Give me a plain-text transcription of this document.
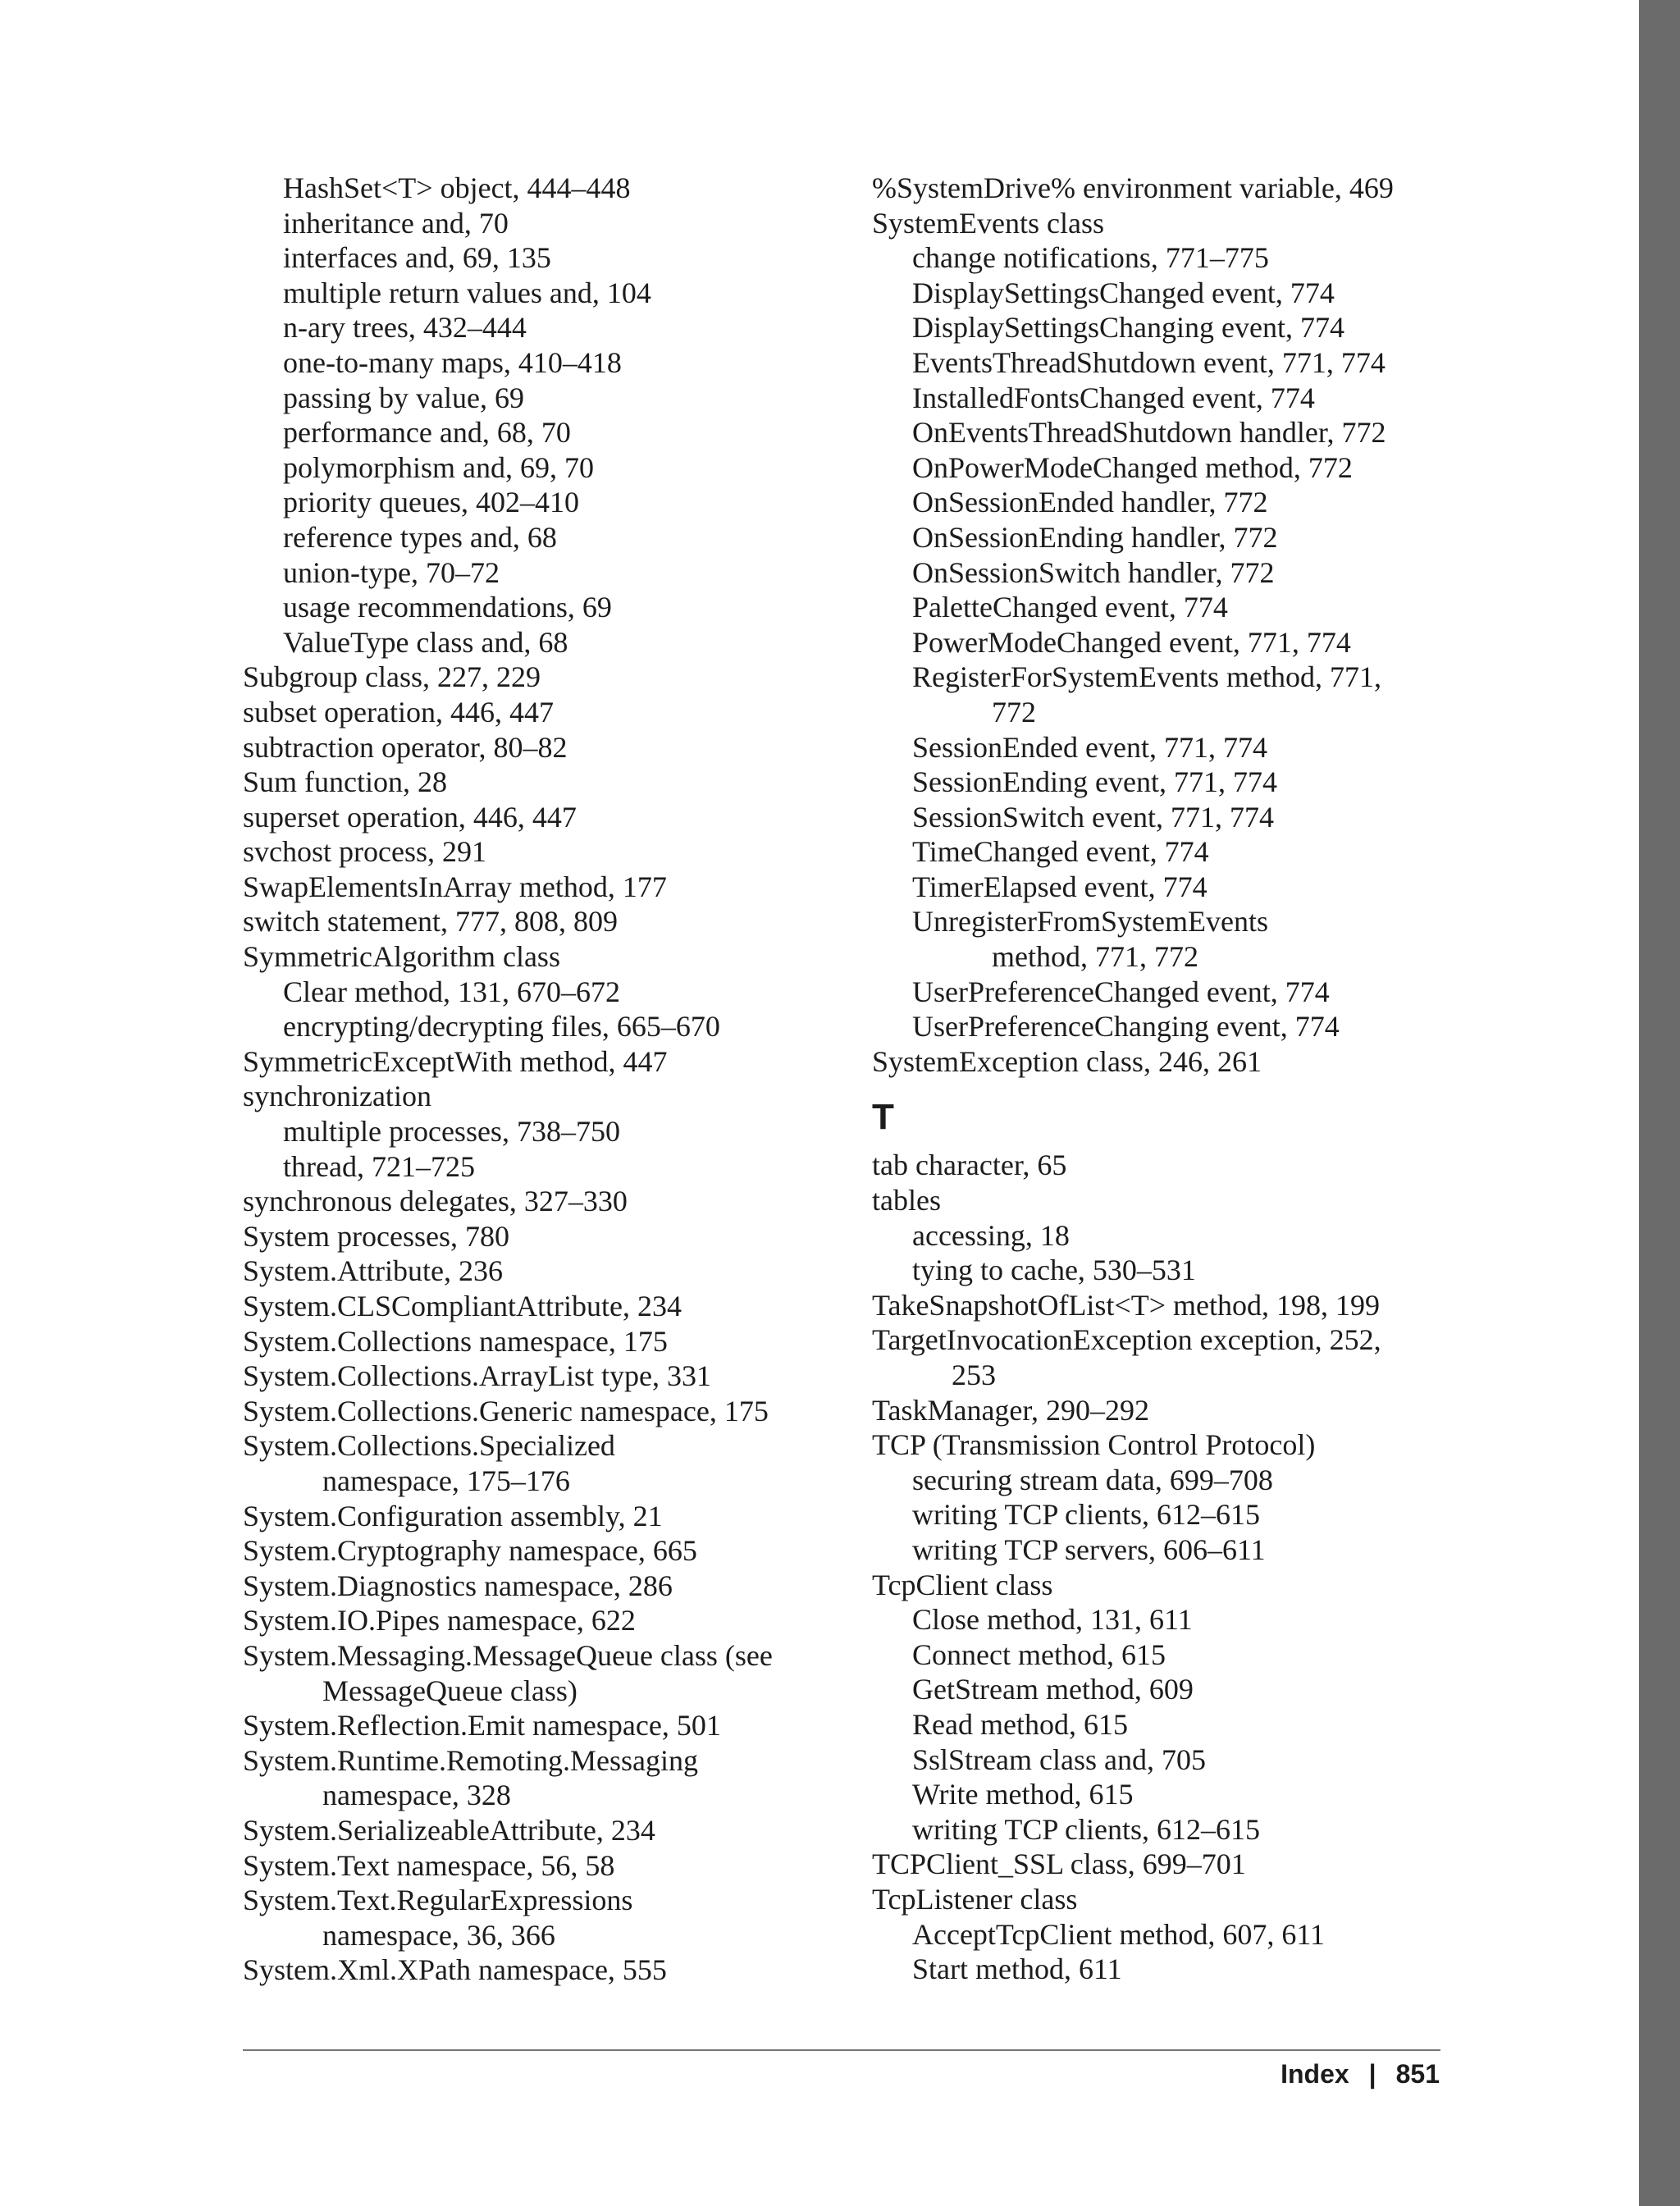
HashSet<T> object, 444–448
inheritance and, 70
interfaces and, 69, 135
multiple return values and, 104
n-ary trees, 432–444
one-to-many maps, 410–418
passing by value, 69
performance and, 68, 70
polymorphism and, 69, 70
priority queues, 402–410
reference types and, 68
union-type, 70–72
usage recommendations, 69
ValueType class and, 68
Subgroup class, 227, 229
subset operation, 446, 447
subtraction operator, 80–82
Sum function, 28
superset operation, 446, 447
svchost process, 291
SwapElementsInArray method, 177
switch statement, 777, 808, 809
SymmetricAlgorithm class
Clear method, 131, 670–672
encrypting/decrypting files, 665–670
SymmetricExceptWith method, 447
synchronization
multiple processes, 738–750
thread, 721–725
synchronous delegates, 327–330
System processes, 780
System.Attribute, 236
System.CLSCompliantAttribute, 234
System.Collections namespace, 175
System.Collections.ArrayList type, 331
System.Collections.Generic namespace, 175
System.Collections.Specialized
namespace, 175–176
System.Configuration assembly, 21
System.Cryptography namespace, 665
System.Diagnostics namespace, 286
System.IO.Pipes namespace, 622
System.Messaging.MessageQueue class (see
MessageQueue class)
System.Reflection.Emit namespace, 501
System.Runtime.Remoting.Messaging
namespace, 328
System.SerializeableAttribute, 234
System.Text namespace, 56, 58
System.Text.RegularExpressions
namespace, 36, 366
System.Xml.XPath namespace, 555
%SystemDrive% environment variable, 469
SystemEvents class
change notifications, 771–775
DisplaySettingsChanged event, 774
DisplaySettingsChanging event, 774
EventsThreadShutdown event, 771, 774
InstalledFontsChanged event, 774
OnEventsThreadShutdown handler, 772
OnPowerModeChanged method, 772
OnSessionEnded handler, 772
OnSessionEnding handler, 772
OnSessionSwitch handler, 772
PaletteChanged event, 774
PowerModeChanged event, 771, 774
RegisterForSystemEvents method, 771,
772
SessionEnded event, 771, 774
SessionEnding event, 771, 774
SessionSwitch event, 771, 774
TimeChanged event, 774
TimerElapsed event, 774
UnregisterFromSystemEvents
method, 771, 772
UserPreferenceChanged event, 774
UserPreferenceChanging event, 774
SystemException class, 246, 261
T
tab character, 65
tables
accessing, 18
tying to cache, 530–531
TakeSnapshotOfList<T> method, 198, 199
TargetInvocationException exception, 252,
253
TaskManager, 290–292
TCP (Transmission Control Protocol)
securing stream data, 699–708
writing TCP clients, 612–615
writing TCP servers, 606–611
TcpClient class
Close method, 131, 611
Connect method, 615
GetStream method, 609
Read method, 615
SslStream class and, 705
Write method, 615
writing TCP clients, 612–615
TCPClient_SSL class, 699–701
TcpListener class
AcceptTcpClient method, 607, 611
Start method, 611
Index | 851
